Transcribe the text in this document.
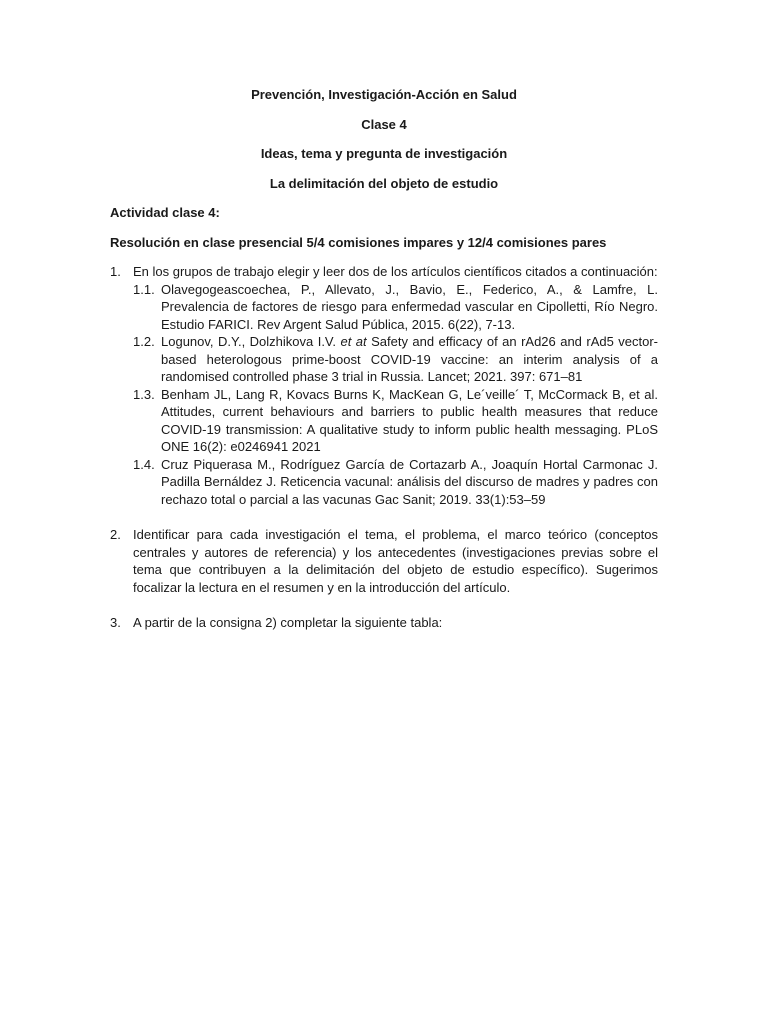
Prevención, Investigación-Acción en Salud

Clase 4

Ideas, tema y pregunta de investigación

La delimitación del objeto de estudio

Actividad clase 4:

Resolución en clase presencial 5/4 comisiones impares y 12/4 comisiones pares

1. En los grupos de trabajo elegir y leer dos de los artículos científicos citados a continuación:
1.1. Olavegogeascoechea, P., Allevato, J., Bavio, E., Federico, A., & Lamfre, L. Prevalencia de factores de riesgo para enfermedad vascular en Cipolletti, Río Negro. Estudio FARICI. Rev Argent Salud Pública, 2015. 6(22), 7-13.
1.2. Logunov, D.Y., Dolzhikova I.V. et at Safety and efficacy of an rAd26 and rAd5 vector-based heterologous prime-boost COVID-19 vaccine: an interim analysis of a randomised controlled phase 3 trial in Russia. Lancet; 2021. 397: 671–81
1.3. Benham JL, Lang R, Kovacs Burns K, MacKean G, Le´veille´ T, McCormack B, et al. Attitudes, current behaviours and barriers to public health measures that reduce COVID-19 transmission: A qualitative study to inform public health messaging. PLoS ONE 16(2): e0246941 2021
1.4. Cruz Piquerasa M., Rodríguez García de Cortazarb A., Joaquín Hortal Carmonac J. Padilla Bernáldez J. Reticencia vacunal: análisis del discurso de madres y padres con rechazo total o parcial a las vacunas Gac Sanit; 2019. 33(1):53–59
2. Identificar para cada investigación el tema, el problema, el marco teórico (conceptos centrales y autores de referencia) y los antecedentes (investigaciones previas sobre el tema que contribuyen a la delimitación del objeto de estudio específico). Sugerimos focalizar la lectura en el resumen y en la introducción del artículo.
3. A partir de la consigna 2) completar la siguiente tabla:
